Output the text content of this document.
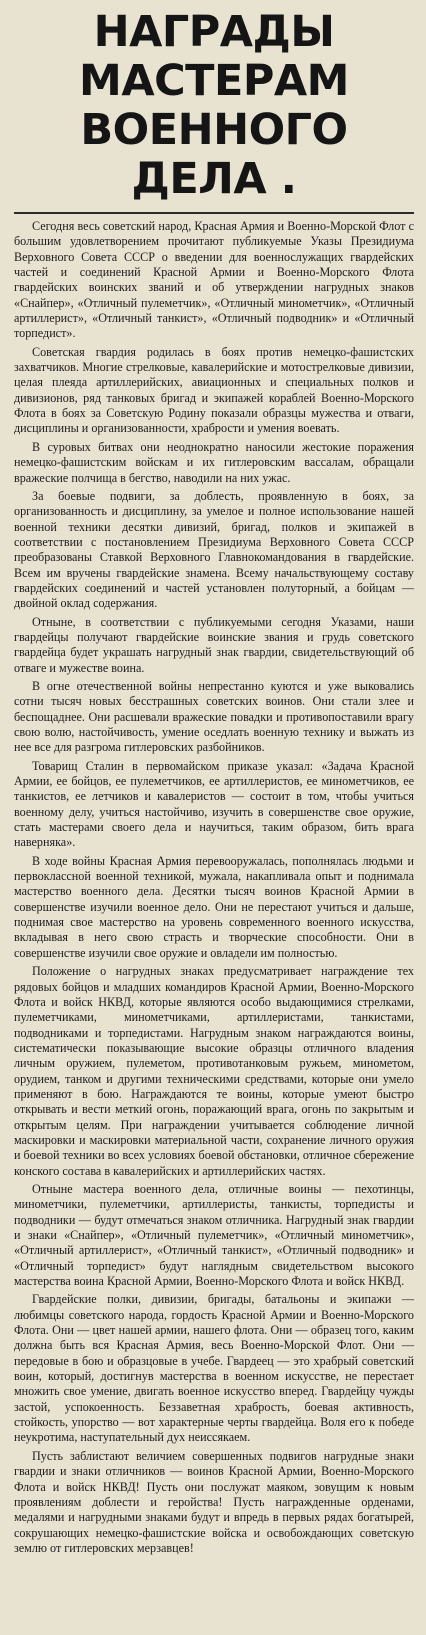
НАГРАДЫ МАСТЕРАМ
ВОЕННОГО ДЕЛА .

Сегодня весь советский народ, Красная Армия и Военно-Морской Флот с большим удовлетворением прочитают публикуемые Указы Президиума Верховного Совета СССР о введении для военнослужащих гвардейских частей и соединений Красной Армии и Военно-Морского Флота гвардейских воинских званий и об утверждении нагрудных знаков «Снайпер», «Отличный пулеметчик», «Отличный минометчик», «Отличный артиллерист», «Отличный танкист», «Отличный подводник» и «Отличный торпедист».

Советская гвардия родилась в боях против немецко-фашистских захватчиков. Многие стрелковые, кавалерийские и мотострелковые дивизии, целая плеяда артиллерийских, авиационных и специальных полков и дивизионов, ряд танковых бригад и экипажей кораблей Военно-Морского Флота в боях за Советскую Родину показали образцы мужества и отваги, дисциплины и организованности, храбрости и умения воевать.

В суровых битвах они неоднократно наносили жестокие поражения немецко-фашистским войскам и их гитлеровским вассалам, обращали вражеские полчища в бегство, наводили на них ужас.

За боевые подвиги, за доблесть, проявленную в боях, за организованность и дисциплину, за умелое и полное использование нашей военной техники десятки дивизий, бригад, полков и экипажей в соответствии с постановлением Президиума Верховного Совета СССР преобразованы Ставкой Верховного Главнокомандования в гвардейские. Всем им вручены гвардейские знамена. Всему начальствующему составу гвардейских соединений и частей установлен полуторный, а бойцам — двойной оклад содержания.

Отныне, в соответствии с публикуемыми сегодня Указами, наши гвардейцы получают гвардейские воинские звания и грудь советского гвардейца будет украшать нагрудный знак гвардии, свидетельствующий об отваге и мужестве воина.

В огне отечественной войны непрестанно куются и уже выковались сотни тысяч новых бесстрашных советских воинов. Они стали злее и беспощаднее. Они расшевали вражеские повадки и противопоставили врагу свою волю, настойчивость, умение оседлать военную технику и выжать из нее все для разгрома гитлеровских разбойников.

Товарищ Сталин в первомайском приказе указал: «Задача Красной Армии, ее бойцов, ее пулеметчиков, ее артиллеристов, ее минометчиков, ее танкистов, ее летчиков и кавалеристов — состоит в том, чтобы учиться военному делу, учиться настойчиво, изучить в совершенстве свое оружие, стать мастерами своего дела и научиться, таким образом, бить врага наверняка».

В ходе войны Красная Армия перевооружалась, пополнялась людьми и первоклассной военной техникой, мужала, накапливала опыт и поднимала мастерство военного дела. Десятки тысяч воинов Красной Армии в совершенстве изучили военное дело. Они не перестают учиться и дальше, поднимая свое мастерство на уровень современного военного искусства, вкладывая в него свою страсть и творческие способности. Они в совершенстве изучили свое оружие и овладели им полностью.

Положение о нагрудных знаках предусматривает награждение тех рядовых бойцов и младших командиров Красной Армии, Военно-Морского Флота и войск НКВД, которые являются особо выдающимися стрелками, пулеметчиками, минометчиками, артиллеристами, танкистами, подводниками и торпедистами. Нагрудным знаком награждаются воины, систематически показывающие высокие образцы отличного владения личным оружием, пулеметом, противотанковым ружьем, минометом, орудием, танком и другими техническими средствами, которые они умело применяют в бою. Награждаются те воины, которые умеют быстро открывать и вести меткий огонь, поражающий врага, огонь по закрытым и открытым целям. При награждении учитывается соблюдение личной маскировки и маскировки материальной части, сохранение личного оружия и боевой техники во всех условиях боевой обстановки, отличное сбережение конского состава в кавалерийских и артиллерийских частях.

Отныне мастера военного дела, отличные воины — пехотинцы, минометчики, пулеметчики, артиллеристы, танкисты, торпедисты и подводники — будут отмечаться знаком отличника. Нагрудный знак гвардии и знаки «Снайпер», «Отличный пулеметчик», «Отличный минометчик», «Отличный артиллерист», «Отличный танкист», «Отличный подводник» и «Отличный торпедист» будут наглядным свидетельством высокого мастерства воина Красной Армии, Военно-Морского Флота и войск НКВД.

Гвардейские полки, дивизии, бригады, батальоны и экипажи — любимцы советского народа, гордость Красной Армии и Военно-Морского Флота. Они — цвет нашей армии, нашего флота. Они — образец того, каким должна быть вся Красная Армия, весь Военно-Морской Флот. Они — передовые в бою и образцовые в учебе. Гвардеец — это храбрый советский воин, который, достигнув мастерства в военном искусстве, не перестает множить свое умение, двигать военное искусство вперед. Гвардейцу чужды застой, успокоенность. Беззаветная храбрость, боевая активность, стойкость, упорство — вот характерные черты гвардейца. Воля его к победе неукротима, наступательный дух неиссякаем.

Пусть заблистают величием совершенных подвигов нагрудные знаки гвардии и знаки отличников — воинов Красной Армии, Военно-Морского Флота и войск НКВД! Пусть они послужат маяком, зовущим к новым проявлениям доблести и геройства! Пусть награжденные орденами, медалями и нагрудными знаками будут и впредь в первых рядах богатырей, сокрушающих немецко-фашистские войска и освобождающих советскую землю от гитлеровских мерзавцев!
